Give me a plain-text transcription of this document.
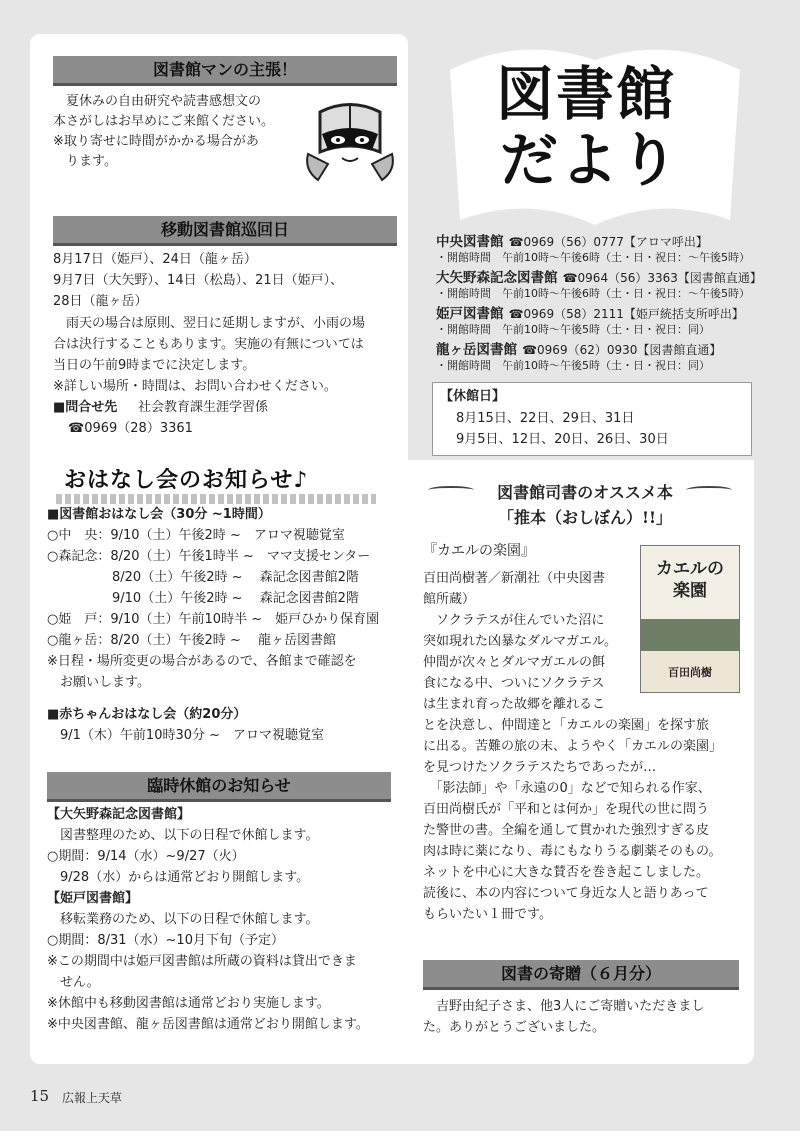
図書館マンの主張！
　夏休みの自由研究や読書感想文の
本さがしはお早めにご来館ください。
※取り寄せに時間がかかる場合があ
　ります。
移動図書館巡回日
8月17日（姫戸）、24日（龍ヶ岳）
9月7日（大矢野）、14日（松島）、21日（姫戸）、
28日（龍ヶ岳）
　雨天の場合は原則、翌日に延期しますが、小雨の場
合は決行することもあります。実施の有無については
当日の午前9時までに決定します。
※詳しい場所・時間は、お問い合わせください。
■問合せ先 社会教育課生涯学習係
☎0969（28）3361
おはなし会のお知らせ♪
■図書館おはなし会（30分 ~1時間）
○中　央：9/10（土）午後2時 ~　アロマ視聴覚室
○森記念：8/20（土）午後1時半 ~　ママ支援センター
　　　　　8/20（土）午後2時 ~　 森記念図書館2階
　　　　　9/10（土）午後2時 ~　 森記念図書館2階
○姫　戸：9/10（土）午前10時半 ~　姫戸ひかり保育園
○龍ヶ岳：8/20（土）午後2時 ~　 龍ヶ岳図書館
※日程・場所変更の場合があるので、各館まで確認を
　お願いします。
■赤ちゃんおはなし会（約20分）
　9/1（木）午前10時30分 ~　アロマ視聴覚室
臨時休館のお知らせ
【大矢野森記念図書館】
　図書整理のため、以下の日程で休館します。
○期間：9/14（水）~9/27（火）
　9/28（水）からは通常どおり開館します。
【姫戸図書館】
　移転業務のため、以下の日程で休館します。
○期間：8/31（水）~10月下旬（予定）
※この期間中は姫戸図書館は所蔵の資料は貸出できま
　せん。
※休館中も移動図書館は通常どおり実施します。
※中央図書館、龍ヶ岳図書館は通常どおり開館します。
図書館
だより
中央図書館 ☎0969（56）0777【アロマ呼出】
・開館時間　午前10時～午後6時（土・日・祝日：～午後5時）
大矢野森記念図書館 ☎0964（56）3363【図書館直通】
・開館時間　午前10時～午後6時（土・日・祝日：～午後5時）
姫戸図書館 ☎0969（58）2111【姫戸統括支所呼出】
・開館時間　午前10時～午後5時（土・日・祝日：同）
龍ヶ岳図書館 ☎0969（62）0930【図書館直通】
・開館時間　午前10時～午後5時（土・日・祝日：同）
【休館日】
8月15日、22日、29日、31日
9月5日、12日、20日、26日、30日
図書館司書のオススメ本
「推本（おしぼん）!!」
『カエルの楽園』
百田尚樹著／新潮社（中央図書
館所蔵）
カエルの楽園
百田尚樹
　ソクラテスが住んでいた沼に
突如現れた凶暴なダルマガエル。
仲間が次々とダルマガエルの餌
食になる中、ついにソクラテス
は生まれ育った故郷を離れるこ
とを決意し、仲間達と「カエルの楽園」を探す旅
に出る。苦難の旅の末、ようやく「カエルの楽園」
を見つけたソクラテスたちであったが…
　「影法師」や「永遠の0」などで知られる作家、
百田尚樹氏が「平和とは何か」を現代の世に問う
た警世の書。全編を通して貫かれた強烈すぎる皮
肉は時に薬になり、毒にもなりうる劇薬そのもの。
ネットを中心に大きな賛否を巻き起こしました。
読後に、本の内容について身近な人と語りあって
もらいたい１冊です。
図書の寄贈（６月分）
　吉野由紀子さま、他3人にご寄贈いただきまし
た。ありがとうございました。
15 広報上天草
